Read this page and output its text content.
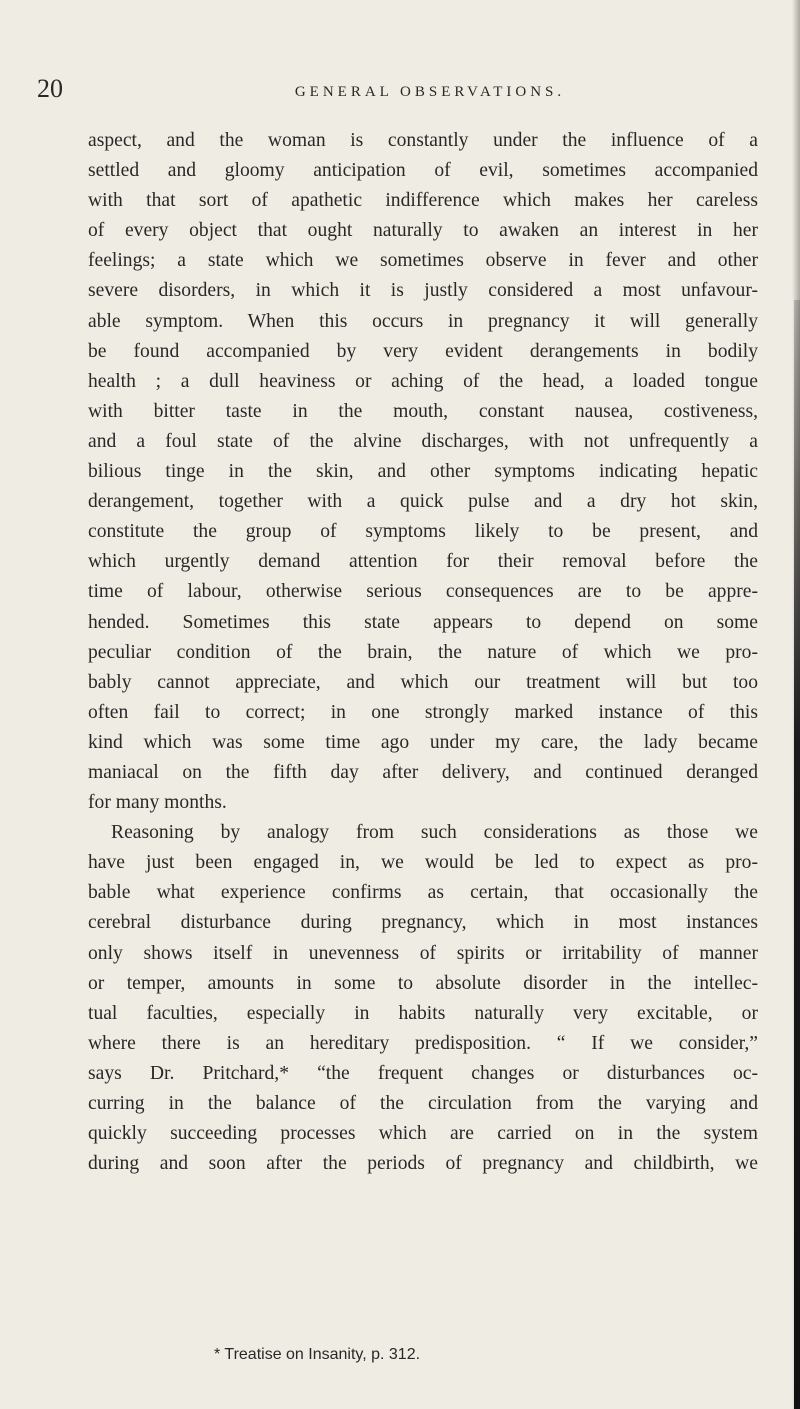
20	GENERAL OBSERVATIONS.
aspect, and the woman is constantly under the influence of a
settled and gloomy anticipation of evil, sometimes accompanied
with that sort of apathetic indifference which makes her careless
of every object that ought naturally to awaken an interest in her
feelings; a state which we sometimes observe in fever and other
severe disorders, in which it is justly considered a most unfavour-
able symptom. When this occurs in pregnancy it will generally
be found accompanied by very evident derangements in bodily
health ; a dull heaviness or aching of the head, a loaded tongue
with bitter taste in the mouth, constant nausea, costiveness,
and a foul state of the alvine discharges, with not unfrequently a
bilious tinge in the skin, and other symptoms indicating hepatic
derangement, together with a quick pulse and a dry hot skin,
constitute the group of symptoms likely to be present, and
which urgently demand attention for their removal before the
time of labour, otherwise serious consequences are to be appre-
hended. Sometimes this state appears to depend on some
peculiar condition of the brain, the nature of which we pro-
bably cannot appreciate, and which our treatment will but too
often fail to correct; in one strongly marked instance of this
kind which was some time ago under my care, the lady became
maniacal on the fifth day after delivery, and continued deranged
for many months.
Reasoning by analogy from such considerations as those we
have just been engaged in, we would be led to expect as pro-
bable what experience confirms as certain, that occasionally the
cerebral disturbance during pregnancy, which in most instances
only shows itself in unevenness of spirits or irritability of manner
or temper, amounts in some to absolute disorder in the intellec-
tual faculties, especially in habits naturally very excitable, or
where there is an hereditary predisposition. “ If we consider,”
says Dr. Pritchard,* “the frequent changes or disturbances oc-
curring in the balance of the circulation from the varying and
quickly succeeding processes which are carried on in the system
during and soon after the periods of pregnancy and childbirth, we
* Treatise on Insanity, p. 312.
